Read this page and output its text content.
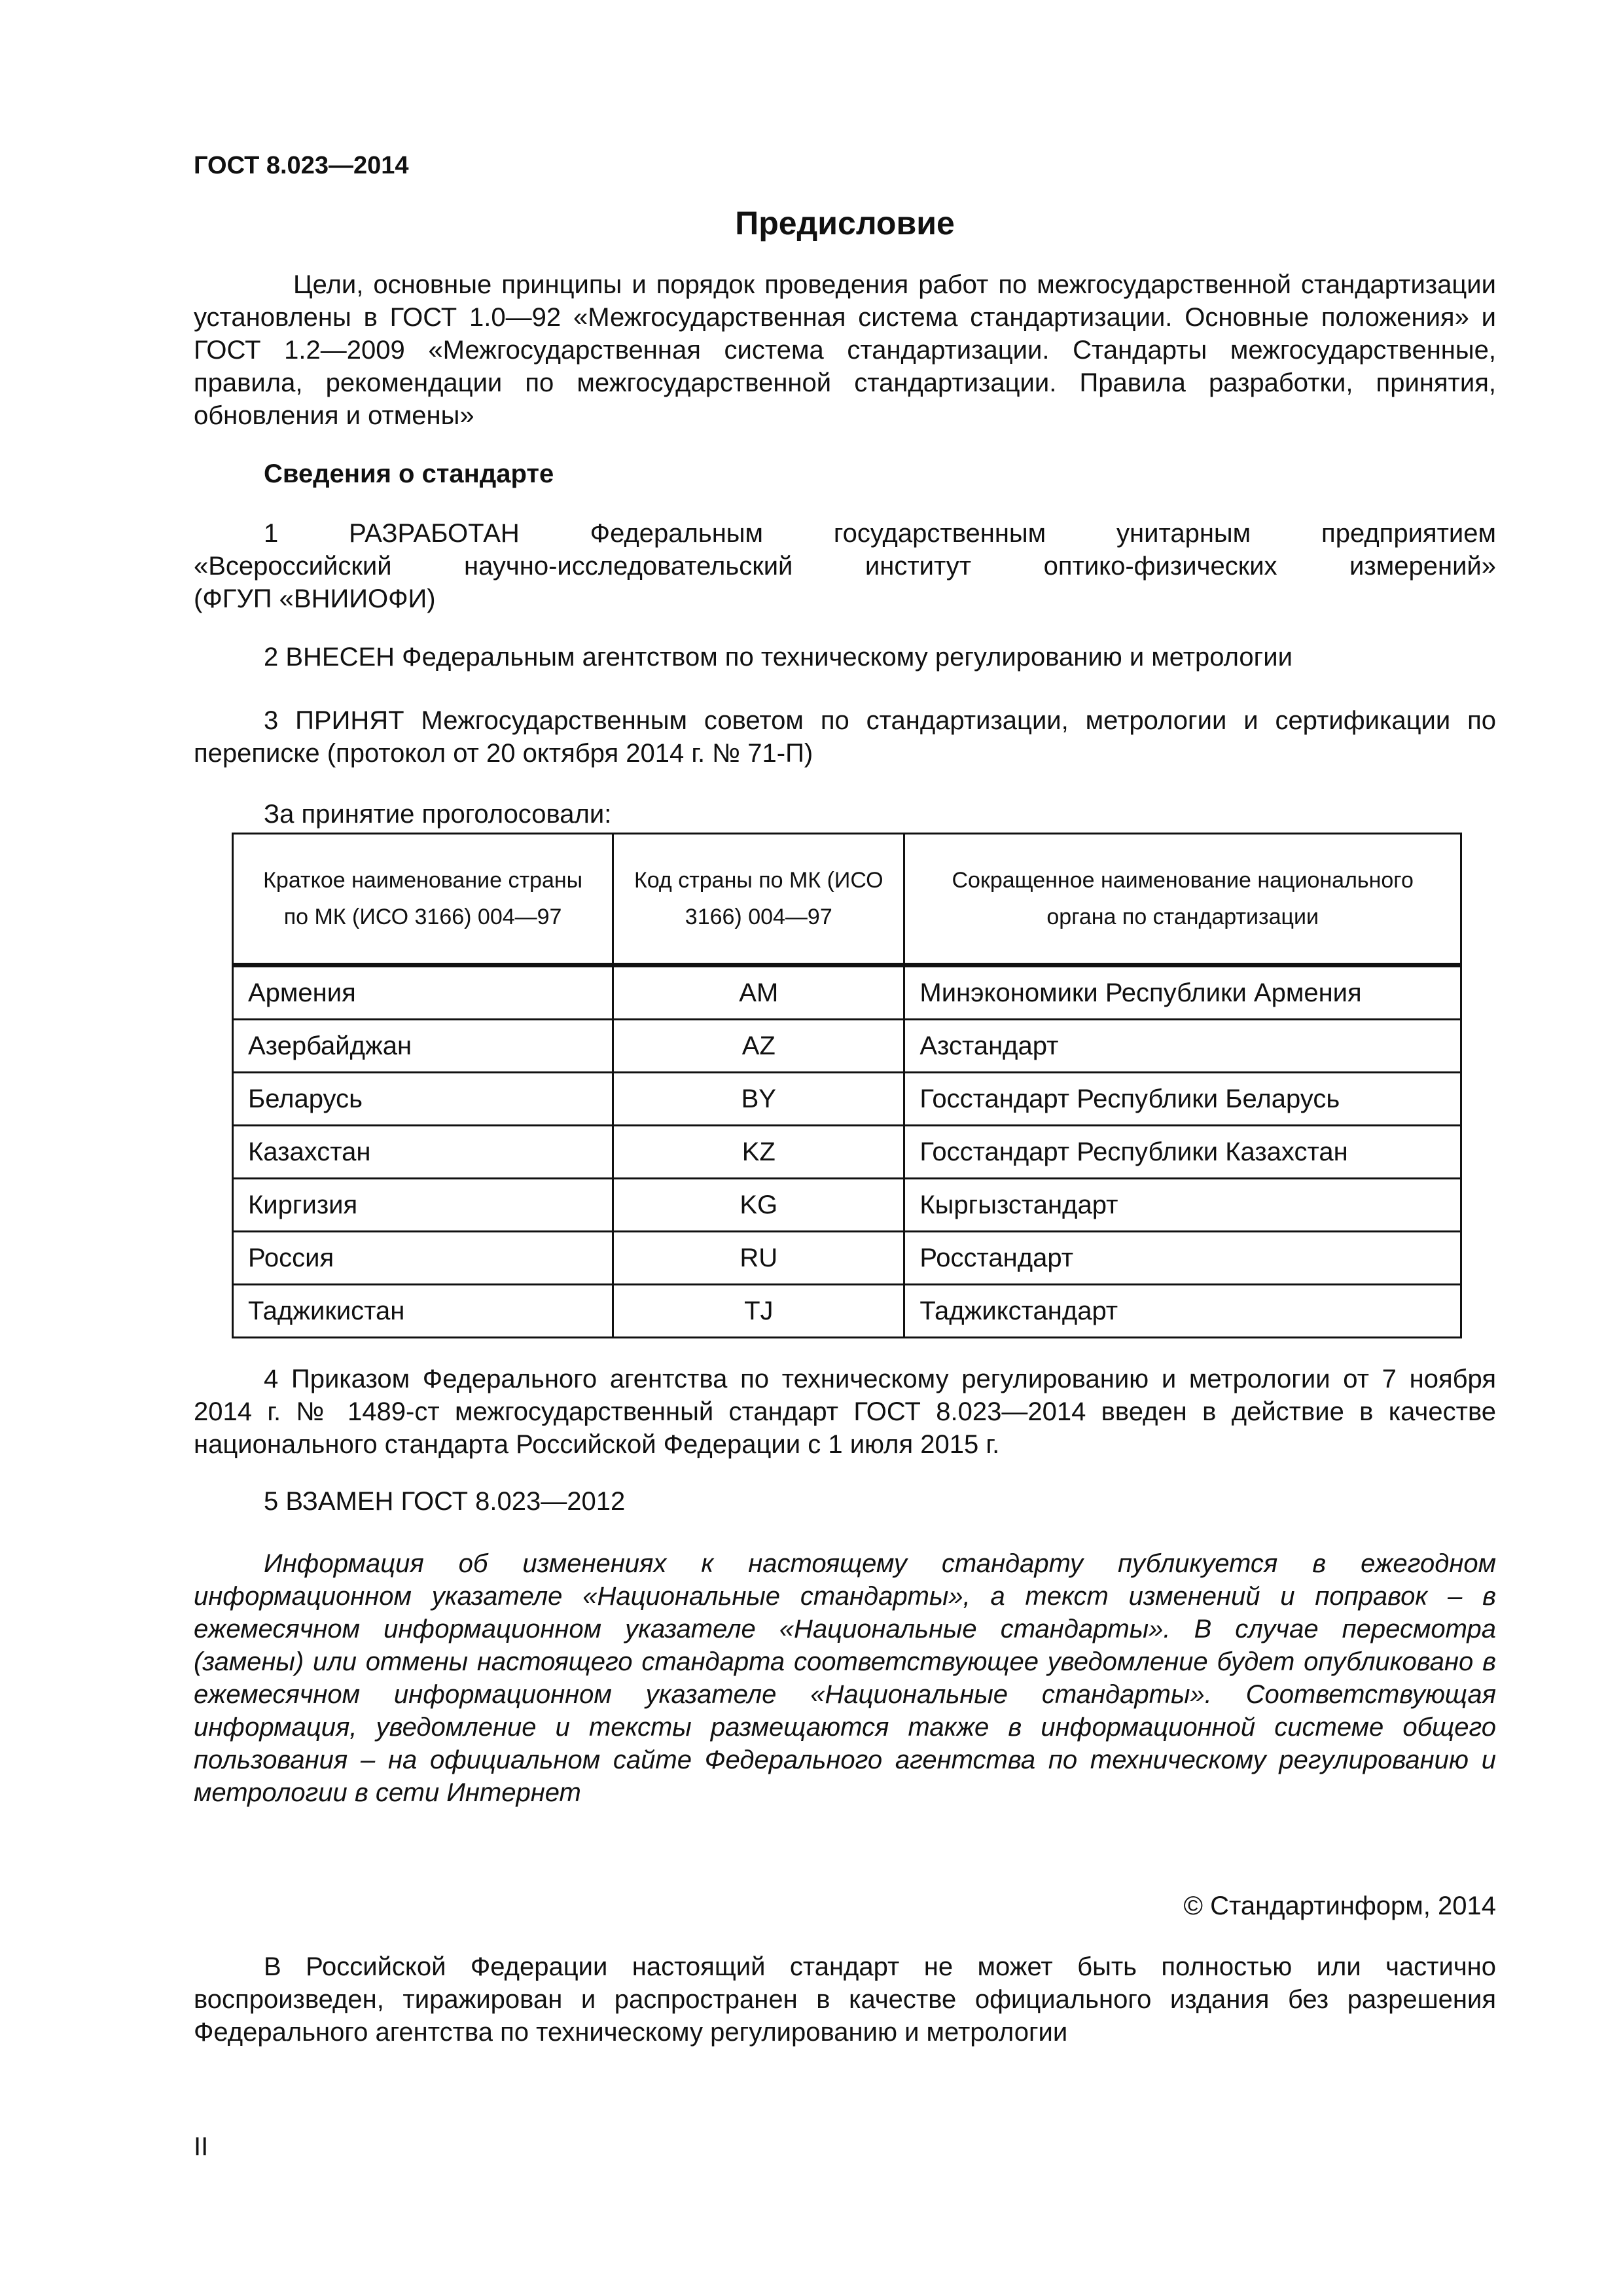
ГОСТ 8.023—2014
Предисловие

Цели, основные принципы и порядок проведения работ по межгосударственной стандартизации установлены в ГОСТ 1.0—92 «Межгосударственная система стандартизации. Основные положения» и ГОСТ 1.2—2009 «Межгосударственная система стандартизации. Стандарты межгосударственные, правила, рекомендации по межгосударственной стандартизации. Правила разработки, принятия, обновления и отмены»

Сведения о стандарте
1 РАЗРАБОТАН Федеральным государственным унитарным предприятием
«Всероссийский научно-исследовательский институт оптико-физических измерений»
(ФГУП «ВНИИОФИ)
2 ВНЕСЕН Федеральным агентством по техническому регулированию и метрологии

3 ПРИНЯТ Межгосударственным советом по стандартизации, метрологии и сертификации по переписке (протокол от 20 октября 2014 г. № 71-П)

За принятие проголосовали:
Краткое наименование страны по МК (ИСО 3166) 004—97	Код страны по МК (ИСО 3166) 004—97	Сокращенное наименование национального органа по стандартизации
Армения	AM	Минэкономики Республики Армения
Азербайджан	AZ	Азстандарт
Беларусь	BY	Госстандарт Республики Беларусь
Казахстан	KZ	Госстандарт Республики Казахстан
Киргизия	KG	Кыргызстандарт
Россия	RU	Росстандарт
Таджикистан	TJ	Таджикстандарт

4 Приказом Федерального агентства по техническому регулированию и метрологии от 7 ноября 2014 г. № 1489-ст межгосударственный стандарт ГОСТ 8.023—2014 введен в действие в качестве национального стандарта Российской Федерации с 1 июля 2015 г.

5 ВЗАМЕН ГОСТ 8.023—2012

Информация об изменениях к настоящему стандарту публикуется в ежегодном информационном указателе «Национальные стандарты», а текст изменений и поправок – в ежемесячном информационном указателе «Национальные стандарты». В случае пересмотра (замены) или отмены настоящего стандарта соответствующее уведомление будет опубликовано в ежемесячном информационном указателе «Национальные стандарты». Соответствующая информация, уведомление и тексты размещаются также в информационной системе общего пользования – на официальном сайте Федерального агентства по техническому регулированию и метрологии в сети Интернет

© Стандартинформ, 2014

В Российской Федерации настоящий стандарт не может быть полностью или частично воспроизведен, тиражирован и распространен в качестве официального издания без разрешения Федерального агентства по техническому регулированию и метрологии

II
